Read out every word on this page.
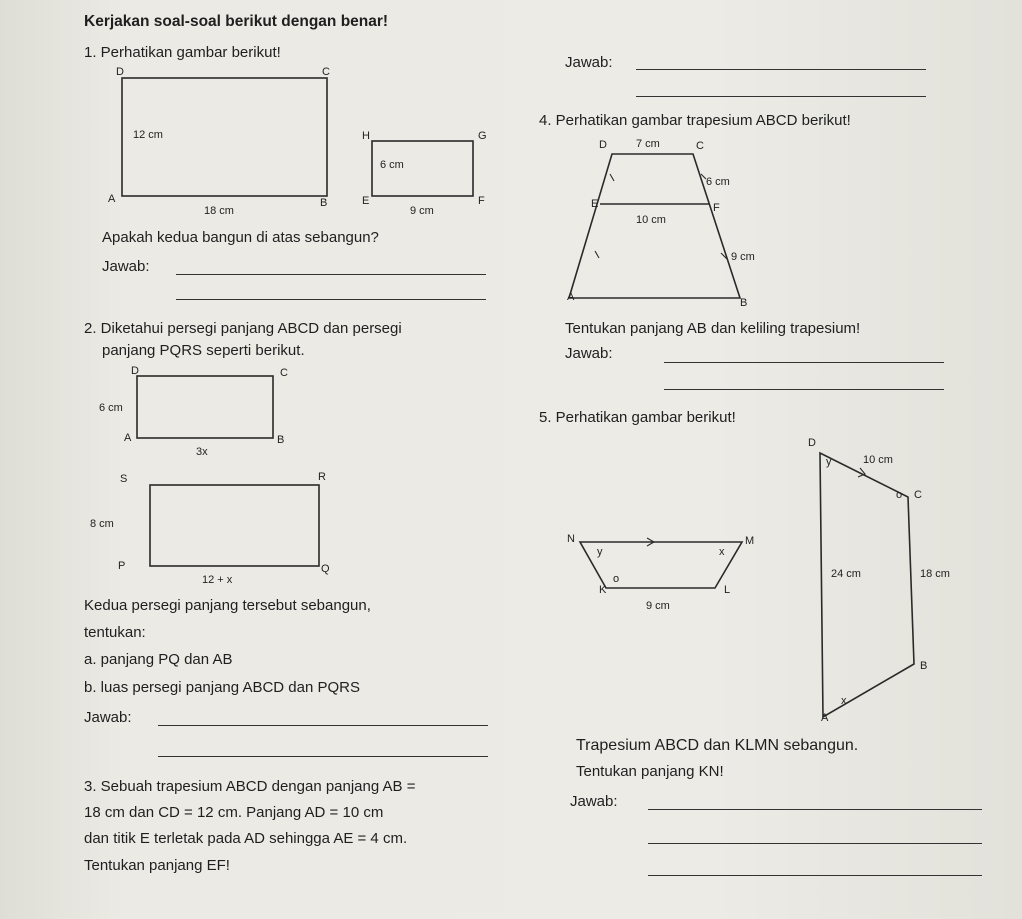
Kerjakan soal-soal berikut dengan benar!
1. Perhatikan gambar berikut!
D	C
A	B
12 cm
18 cm
H	G
E	F
6 cm
9 cm
Apakah kedua bangun di atas sebangun?
Jawab:
2. Diketahui persegi panjang ABCD dan persegi
panjang PQRS seperti berikut.
D	C
A	B
6 cm
3x
S	R
P	Q
8 cm
12 + x
Kedua persegi panjang tersebut sebangun,
tentukan:
a. panjang PQ dan AB
b. luas persegi panjang ABCD dan PQRS
Jawab:
3. Sebuah trapesium ABCD dengan panjang AB =
18 cm dan CD = 12 cm. Panjang AD = 10 cm
dan titik E terletak pada AD sehingga AE = 4 cm.
Tentukan panjang EF!
Jawab:
4. Perhatikan gambar trapesium ABCD berikut!
D	C
E	F
A	B
7 cm
6 cm
10 cm
9 cm
Tentukan panjang AB dan keliling trapesium!
Jawab:
5. Perhatikan gambar berikut!
N	M
K	L
y	x
o
9 cm
D
C
B
A
y
o
x
10 cm
24 cm	18 cm
Trapesium ABCD dan KLMN sebangun.
Tentukan panjang KN!
Jawab:
